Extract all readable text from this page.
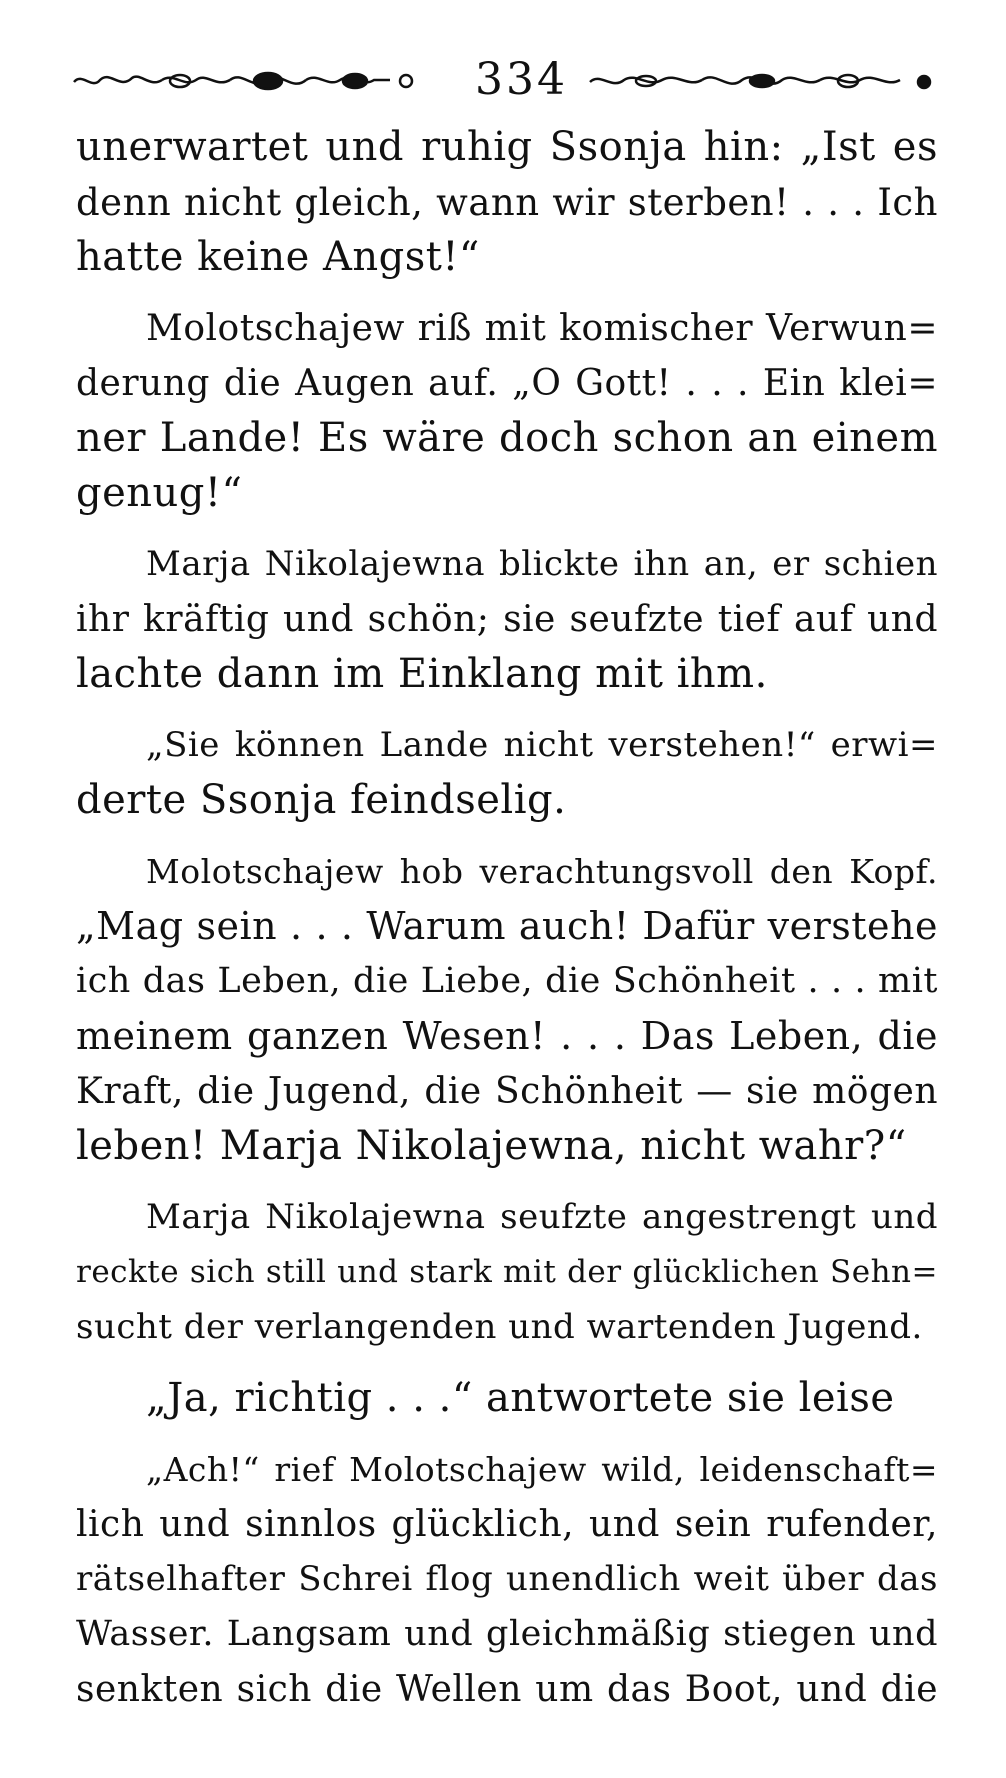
334
unerwartet und ruhig Ssonja hin: „Ist es
denn nicht gleich, wann wir sterben! . . . Ich
hatte keine Angst!“
Molotschajew riß mit komischer Verwun=
derung die Augen auf. „O Gott! . . . Ein klei=
ner Lande! Es wäre doch schon an einem
genug!“
Marja Nikolajewna blickte ihn an, er schien
ihr kräftig und schön; sie seufzte tief auf und
lachte dann im Einklang mit ihm.
„Sie können Lande nicht verstehen!“ erwi=
derte Ssonja feindselig.
Molotschajew hob verachtungsvoll den Kopf.
„Mag sein . . . Warum auch! Dafür verstehe
ich das Leben, die Liebe, die Schönheit . . . mit
meinem ganzen Wesen! . . . Das Leben, die
Kraft, die Jugend, die Schönheit — sie mögen
leben! Marja Nikolajewna, nicht wahr?“
Marja Nikolajewna seufzte angestrengt und
reckte sich still und stark mit der glücklichen Sehn=
sucht der verlangenden und wartenden Jugend.
„Ja, richtig . . .“ antwortete sie leise
„Ach!“ rief Molotschajew wild, leidenschaft=
lich und sinnlos glücklich, und sein rufender,
rätselhafter Schrei flog unendlich weit über das
Wasser. Langsam und gleichmäßig stiegen und
senkten sich die Wellen um das Boot, und die
